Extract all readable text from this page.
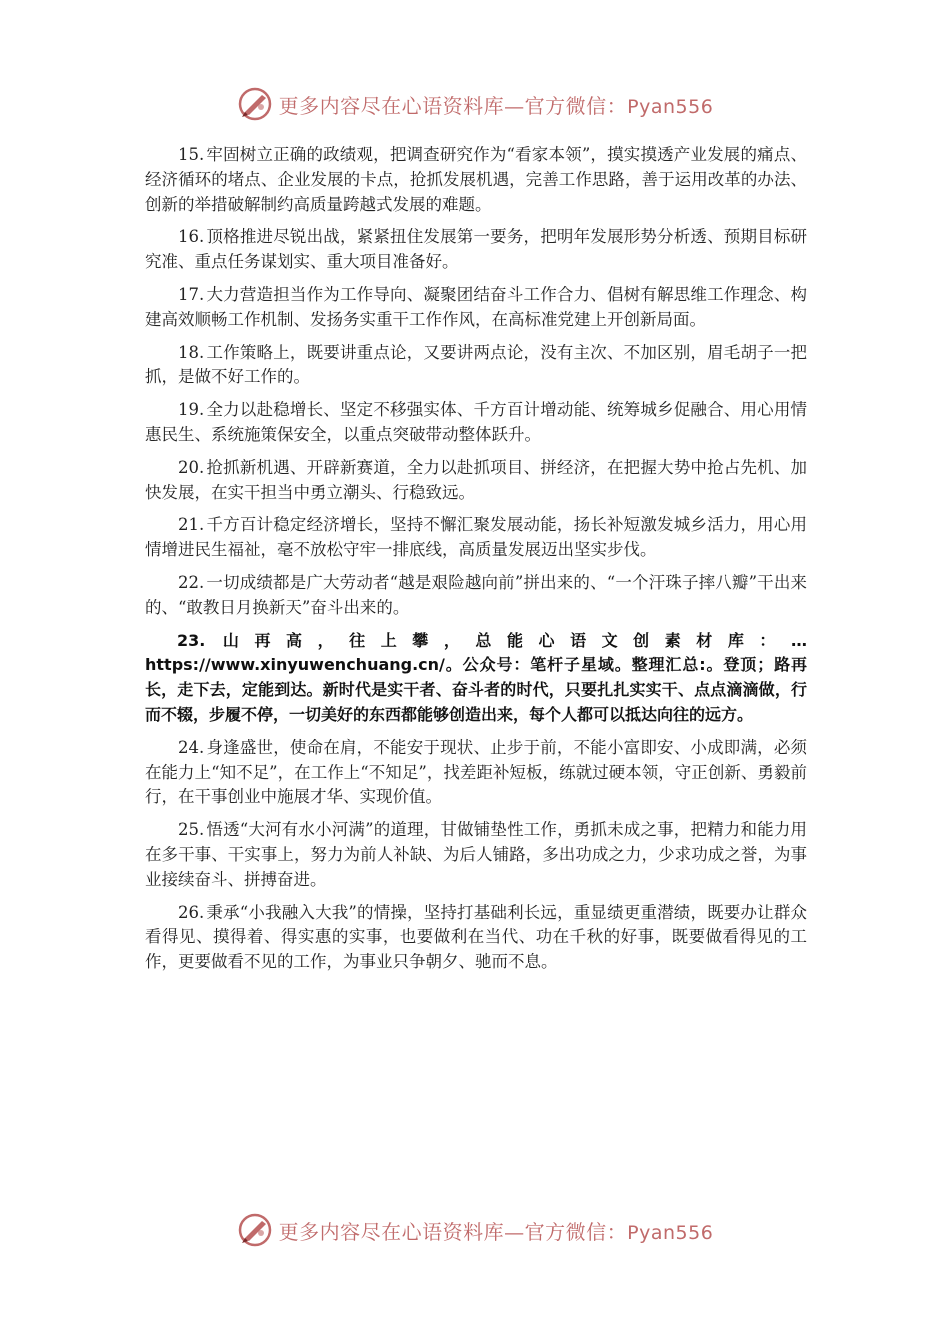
更多内容尽在心语资料库—官方微信：Pyan556

15. 牢固树立正确的政绩观，把调查研究作为“看家本领”，摸实摸透产业发展的痛点、经济循环的堵点、企业发展的卡点，抢抓发展机遇，完善工作思路，善于运用改革的办法、创新的举措破解制约高质量跨越式发展的难题。

16. 顶格推进尽锐出战，紧紧扭住发展第一要务，把明年发展形势分析透、预期目标研究准、重点任务谋划实、重大项目准备好。

17. 大力营造担当作为工作导向、凝聚团结奋斗工作合力、倡树有解思维工作理念、构建高效顺畅工作机制、发扬务实重干工作作风，在高标准党建上开创新局面。

18. 工作策略上，既要讲重点论，又要讲两点论，没有主次、不加区别，眉毛胡子一把抓，是做不好工作的。

19. 全力以赴稳增长、坚定不移强实体、千方百计增动能、统筹城乡促融合、用心用情惠民生、系统施策保安全，以重点突破带动整体跃升。

20. 抢抓新机遇、开辟新赛道，全力以赴抓项目、拼经济，在把握大势中抢占先机、加快发展，在实干担当中勇立潮头、行稳致远。

21. 千方百计稳定经济增长，坚持不懈汇聚发展动能，扬长补短激发城乡活力，用心用情增进民生福祉，毫不放松守牢一排底线，高质量发展迈出坚实步伐。

22. 一切成绩都是广大劳动者“越是艰险越向前”拼出来的、“一个汗珠子摔八瓣”干出来的、“敢教日月换新天”奋斗出来的。

23. 山再高，往上攀，总能心语文创素材库：… https://www.xinyuwenchuang.cn/。公众号：笔杆子星域。整理汇总:。登顶；路再长，走下去，定能到达。新时代是实干者、奋斗者的时代，只要扎扎实实干、点点滴滴做，行而不辍，步履不停，一切美好的东西都能够创造出来，每个人都可以抵达向往的远方。

24. 身逢盛世，使命在肩，不能安于现状、止步于前，不能小富即安、小成即满，必须在能力上“知不足”，在工作上“不知足”，找差距补短板，练就过硬本领，守正创新、勇毅前行，在干事创业中施展才华、实现价值。

25. 悟透“大河有水小河满”的道理，甘做铺垫性工作，勇抓未成之事，把精力和能力用在多干事、干实事上，努力为前人补缺、为后人铺路，多出功成之力，少求功成之誉，为事业接续奋斗、拼搏奋进。

26. 秉承“小我融入大我”的情操，坚持打基础利长远，重显绩更重潜绩，既要办让群众看得见、摸得着、得实惠的实事，也要做利在当代、功在千秋的好事，既要做看得见的工作，更要做看不见的工作，为事业只争朝夕、驰而不息。

更多内容尽在心语资料库—官方微信：Pyan556
